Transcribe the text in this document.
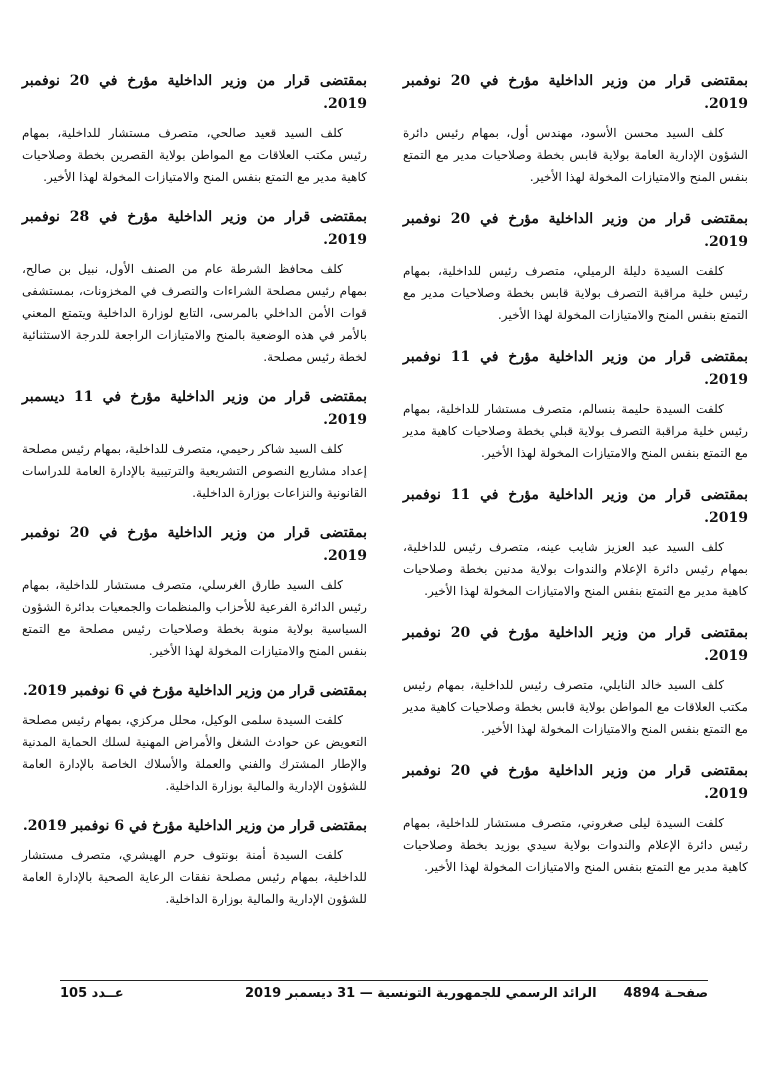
بمقتضى قرار من وزير الداخلية مؤرخ في 20 نوفمبر 2019.

كلف السيد محسن الأسود، مهندس أول، بمهام رئيس دائرة الشؤون الإدارية العامة بولاية قابس بخطة وصلاحيات مدير مع التمتع بنفس المنح والامتيازات المخولة لهذا الأخير.

بمقتضى قرار من وزير الداخلية مؤرخ في 20 نوفمبر 2019.

كلفت السيدة دليلة الرميلي، متصرف رئيس للداخلية، بمهام رئيس خلية مراقبة التصرف بولاية قابس بخطة وصلاحيات مدير مع التمتع بنفس المنح والامتيازات المخولة لهذا الأخير.

بمقتضى قرار من وزير الداخلية مؤرخ في 11 نوفمبر 2019.

كلفت السيدة حليمة بنسالم، متصرف مستشار للداخلية، بمهام رئيس خلية مراقبة التصرف بولاية قبلي بخطة وصلاحيات كاهية مدير مع التمتع بنفس المنح والامتيازات المخولة لهذا الأخير.

بمقتضى قرار من وزير الداخلية مؤرخ في 11 نوفمبر 2019.

كلف السيد عبد العزيز شايب عينه، متصرف رئيس للداخلية، بمهام رئيس دائرة الإعلام والندوات بولاية مدنين بخطة وصلاحيات كاهية مدير مع التمتع بنفس المنح والامتيازات المخولة لهذا الأخير.

بمقتضى قرار من وزير الداخلية مؤرخ في 20 نوفمبر 2019.

كلف السيد خالد النايلي، متصرف رئيس للداخلية، بمهام رئيس مكتب العلاقات مع المواطن بولاية قابس بخطة وصلاحيات كاهية مدير مع التمتع بنفس المنح والامتيازات المخولة لهذا الأخير.

بمقتضى قرار من وزير الداخلية مؤرخ في 20 نوفمبر 2019.

كلفت السيدة ليلى صغروني، متصرف مستشار للداخلية، بمهام رئيس دائرة الإعلام والندوات بولاية سيدي بوزيد بخطة وصلاحيات كاهية مدير مع التمتع بنفس المنح والامتيازات المخولة لهذا الأخير.

بمقتضى قرار من وزير الداخلية مؤرخ في 20 نوفمبر 2019.

كلف السيد قعيد صالحي، متصرف مستشار للداخلية، بمهام رئيس مكتب العلاقات مع المواطن بولاية القصرين بخطة وصلاحيات كاهية مدير مع التمتع بنفس المنح والامتيازات المخولة لهذا الأخير.

بمقتضى قرار من وزير الداخلية مؤرخ في 28 نوفمبر 2019.

كلف محافظ الشرطة عام من الصنف الأول، نبيل بن صالح، بمهام رئيس مصلحة الشراءات والتصرف في المخزونات، بمستشفى قوات الأمن الداخلي بالمرسى، التابع لوزارة الداخلية ويتمتع المعني بالأمر في هذه الوضعية بالمنح والامتيازات الراجعة للدرجة الاستثنائية لخطة رئيس مصلحة.

بمقتضى قرار من وزير الداخلية مؤرخ في 11 ديسمبر 2019.

كلف السيد شاكر رحيمي، متصرف للداخلية، بمهام رئيس مصلحة إعداد مشاريع النصوص التشريعية والترتيبية بالإدارة العامة للدراسات القانونية والنزاعات بوزارة الداخلية.

بمقتضى قرار من وزير الداخلية مؤرخ في 20 نوفمبر 2019.

كلف السيد طارق الغرسلي، متصرف مستشار للداخلية، بمهام رئيس الدائرة الفرعية للأحزاب والمنظمات والجمعيات بدائرة الشؤون السياسية بولاية منوبة بخطة وصلاحيات رئيس مصلحة مع التمتع بنفس المنح والامتيازات المخولة لهذا الأخير.

بمقتضى قرار من وزير الداخلية مؤرخ في 6 نوفمبر 2019.

كلفت السيدة سلمى الوكيل، محلل مركزي، بمهام رئيس مصلحة التعويض عن حوادث الشغل والأمراض المهنية لسلك الحماية المدنية والإطار المشترك والفني والعملة والأسلاك الخاصة بالإدارة العامة للشؤون الإدارية والمالية بوزارة الداخلية.

بمقتضى قرار من وزير الداخلية مؤرخ في 6 نوفمبر 2019.

كلفت السيدة أمنة بونتوف حرم الهيشري، متصرف مستشار للداخلية، بمهام رئيس مصلحة نفقات الرعاية الصحية بالإدارة العامة للشؤون الإدارية والمالية بوزارة الداخلية.

صفحـة 4894
الرائد الرسمي للجمهورية التونسية — 31 ديسمبر 2019
عــدد 105
